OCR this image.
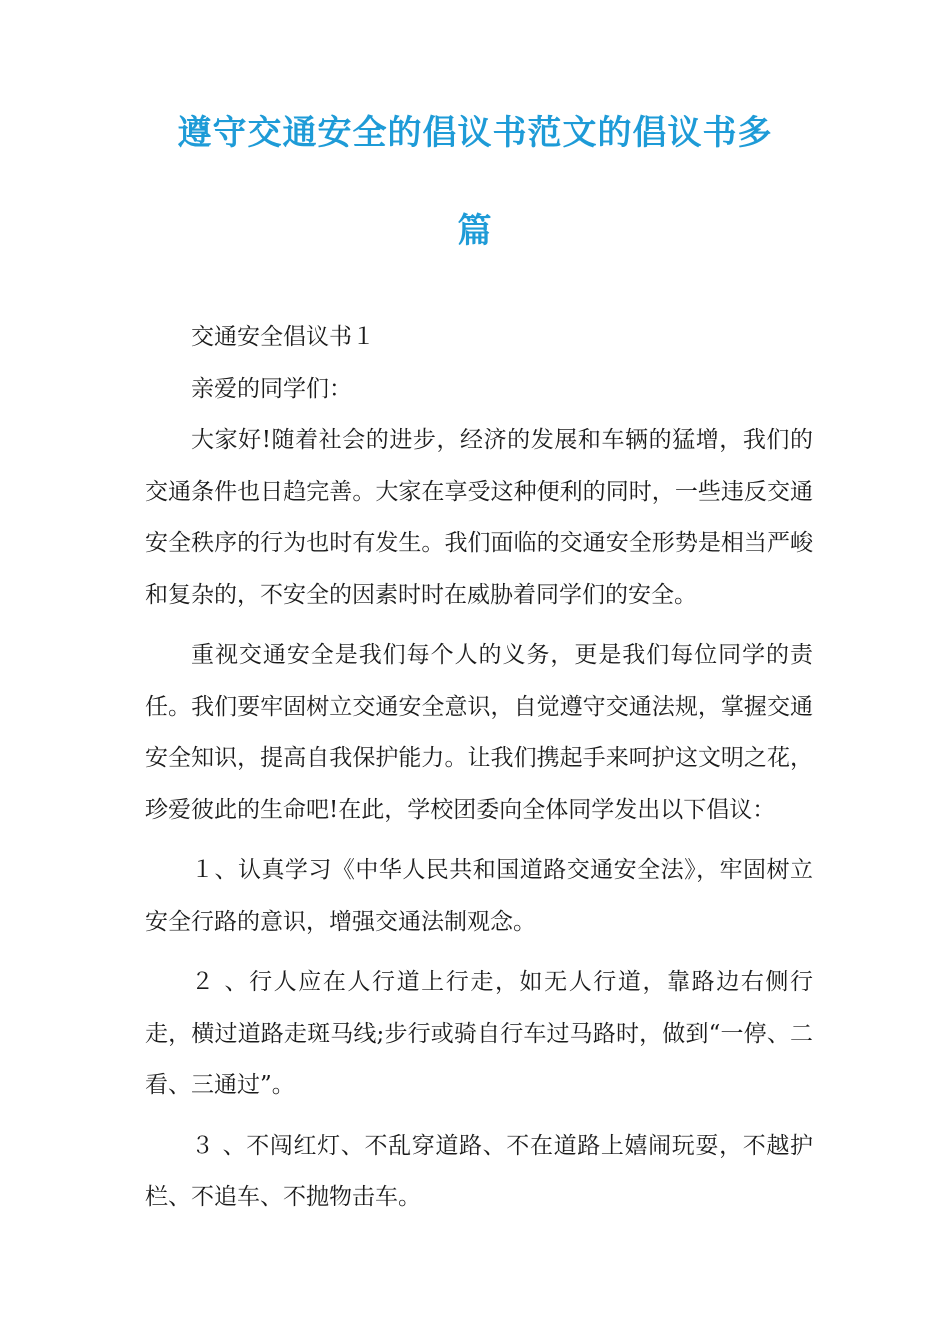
遵守交通安全的倡议书范文的倡议书多
篇

交通安全倡议书１

亲爱的同学们：

大家好!随着社会的进步，经济的发展和车辆的猛增，我们的交通条件也日趋完善。大家在享受这种便利的同时，一些违反交通安全秩序的行为也时有发生。我们面临的交通安全形势是相当严峻和复杂的，不安全的因素时时在威胁着同学们的安全。

重视交通安全是我们每个人的义务，更是我们每位同学的责任。我们要牢固树立交通安全意识，自觉遵守交通法规，掌握交通安全知识，提高自我保护能力。让我们携起手来呵护这文明之花，珍爱彼此的生命吧!在此，学校团委向全体同学发出以下倡议：

１、认真学习《中华人民共和国道路交通安全法》，牢固树立安全行路的意识，增强交通法制观念。

２ 、行人应在人行道上行走，如无人行道，靠路边右侧行走，横过道路走斑马线;步行或骑自行车过马路时，做到“一停、二看、三通过”。

３ 、不闯红灯、不乱穿道路、不在道路上嬉闹玩耍，不越护栏、不追车、不抛物击车。
